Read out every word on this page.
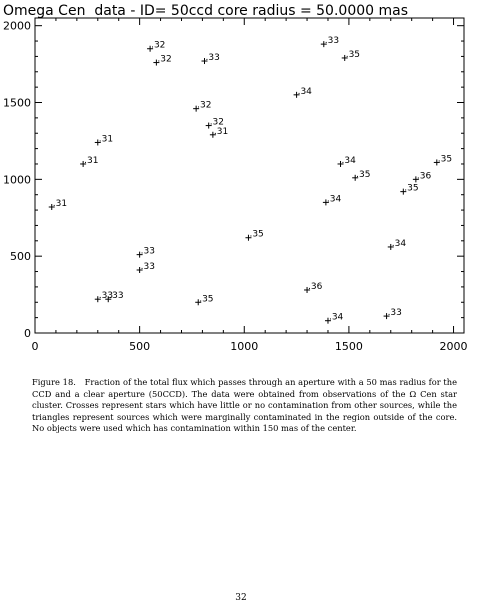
Omega Cen  data - ID= 50ccd core radius = 50.0000 mas
0	500	1000	1500	2000
0
500
1000
1500
2000
.32
.32	.33
.33
.35
.34
.32
.32
.31
.31
.31	.34
.35	.36
.35
.35
.31	.34
.35
.33
.33
.34
.36
.33
.33	.35
.34	.33
Figure 18. Fraction of the total flux which passes through an aperture with a 50 mas radius for the CCD and a clear aperture (50CCD). The data were obtained from observations of the Ω Cen star cluster. Crosses represent stars which have little or no contamination from other sources, while the triangles represent sources which were marginally contaminated in the region outside of the core. No objects were used which has contamination within 150 mas of the center.
32
